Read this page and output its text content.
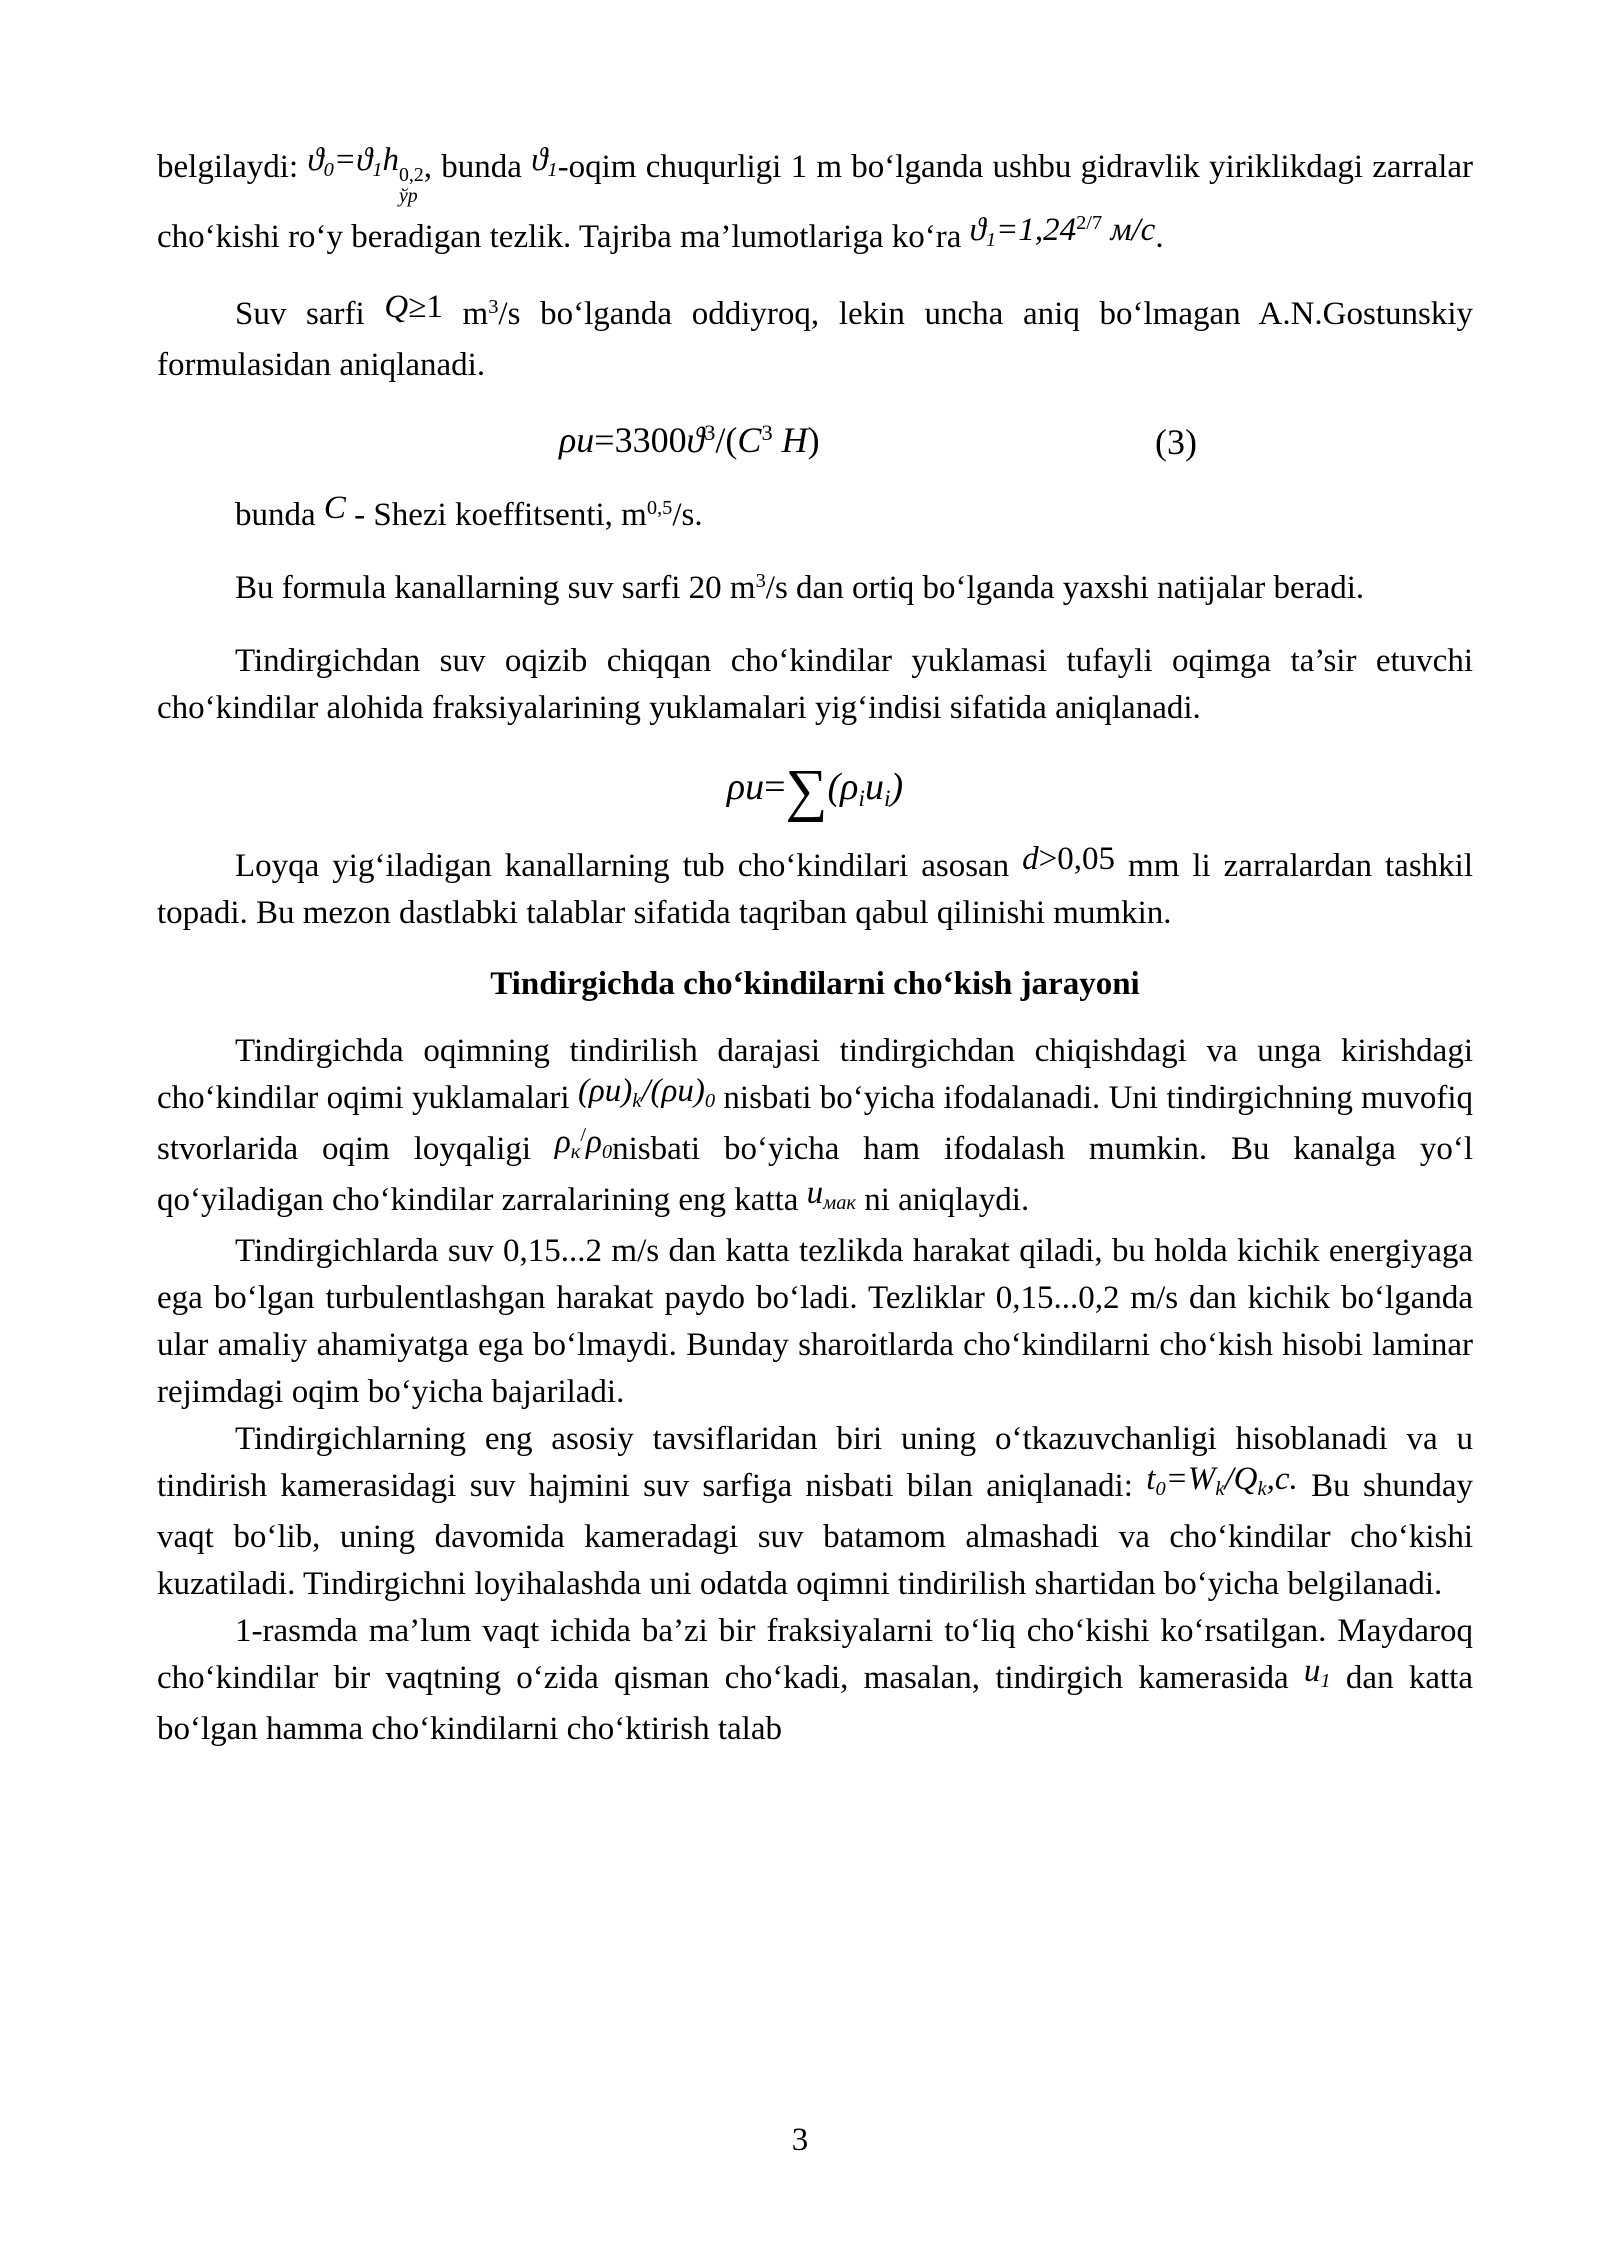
belgilaydi: ϑ0=ϑ1h 0,2
ўр
, bunda ϑ1-oqim chuqurligi 1 m bo‘lganda ushbu gidravlik yiriklikdagi zarralar cho‘kishi ro‘y beradigan tezlik. Tajriba ma’lumotlariga ko‘ra $ϑ1=1,24^{2/7}$ м/с.

Suv sarfi Q≥1 $m^3/s$ bo‘lganda oddiyroq, lekin uncha aniq bo‘lmagan A.N.Gostunskiy formulasidan aniqlanadi.

$\rho u=3300ϑ^3/(C^3$ H)	(3)

bunda C - Shezi koeffitsenti, $m^{0,5}/s$.

Bu formula kanallarning suv sarfi 20 $m^3/s$ dan ortiq bo‘lganda yaxshi natijalar beradi.

Tindirgichdan suv oqizib chiqqan cho‘kindilar yuklamasi tufayli oqimga ta’sir etuvchi cho‘kindilar alohida fraksiyalarining yuklamalari yig‘indisi sifatida aniqlanadi.

ρu=∑(ρiui)

Loyqa yig‘iladigan kanallarning tub cho‘kindilari asosan d>0,05 mm li zarralardan tashkil topadi. Bu mezon dastlabki talablar sifatida taqriban qabul qilinishi mumkin.

Tindirgichda cho‘kindilarni cho‘kish jarayoni

Tindirgichda oqimning tindirilish darajasi tindirgichdan chiqishdagi va unga kirishdagi cho‘kindilar oqimi yuklamalari (ρu)k/(ρu)0 nisbati bo‘yicha ifodalanadi. Uni tindirgichning muvofiq stvorlarida oqim loyqaligi ρк/ρ0nisbati bo‘yicha ham ifodalash mumkin. Bu kanalga yo‘l qo‘yiladigan cho‘kindilar zarralarining eng katta uмак ni aniqlaydi.

Tindirgichlarda suv 0,15...2 m/s dan katta tezlikda harakat qiladi, bu holda kichik energiyaga ega bo‘lgan turbulentlashgan harakat paydo bo‘ladi. Tezliklar 0,15...0,2 m/s dan kichik bo‘lganda ular amaliy ahamiyatga ega bo‘lmaydi. Bunday sharoitlarda cho‘kindilarni cho‘kish hisobi laminar rejimdagi oqim bo‘yicha bajariladi.

Tindirgichlarning eng asosiy tavsiflaridan biri uning o‘tkazuvchanligi hisoblanadi va u tindirish kamerasidagi suv hajmini suv sarfiga nisbati bilan aniqlanadi: t0=Wk/Qk,c. Bu shunday vaqt bo‘lib, uning davomida kameradagi suv batamom almashadi va cho‘kindilar cho‘kishi kuzatiladi. Tindirgichni loyihalashda uni odatda oqimni tindirilish shartidan bo‘yicha belgilanadi.

1-rasmda ma’lum vaqt ichida ba’zi bir fraksiyalarni to‘liq cho‘kishi ko‘rsatilgan. Maydaroq cho‘kindilar bir vaqtning o‘zida qisman cho‘kadi, masalan, tindirgich kamerasida u1 dan katta bo‘lgan hamma cho‘kindilarni cho‘ktirish talab

3
